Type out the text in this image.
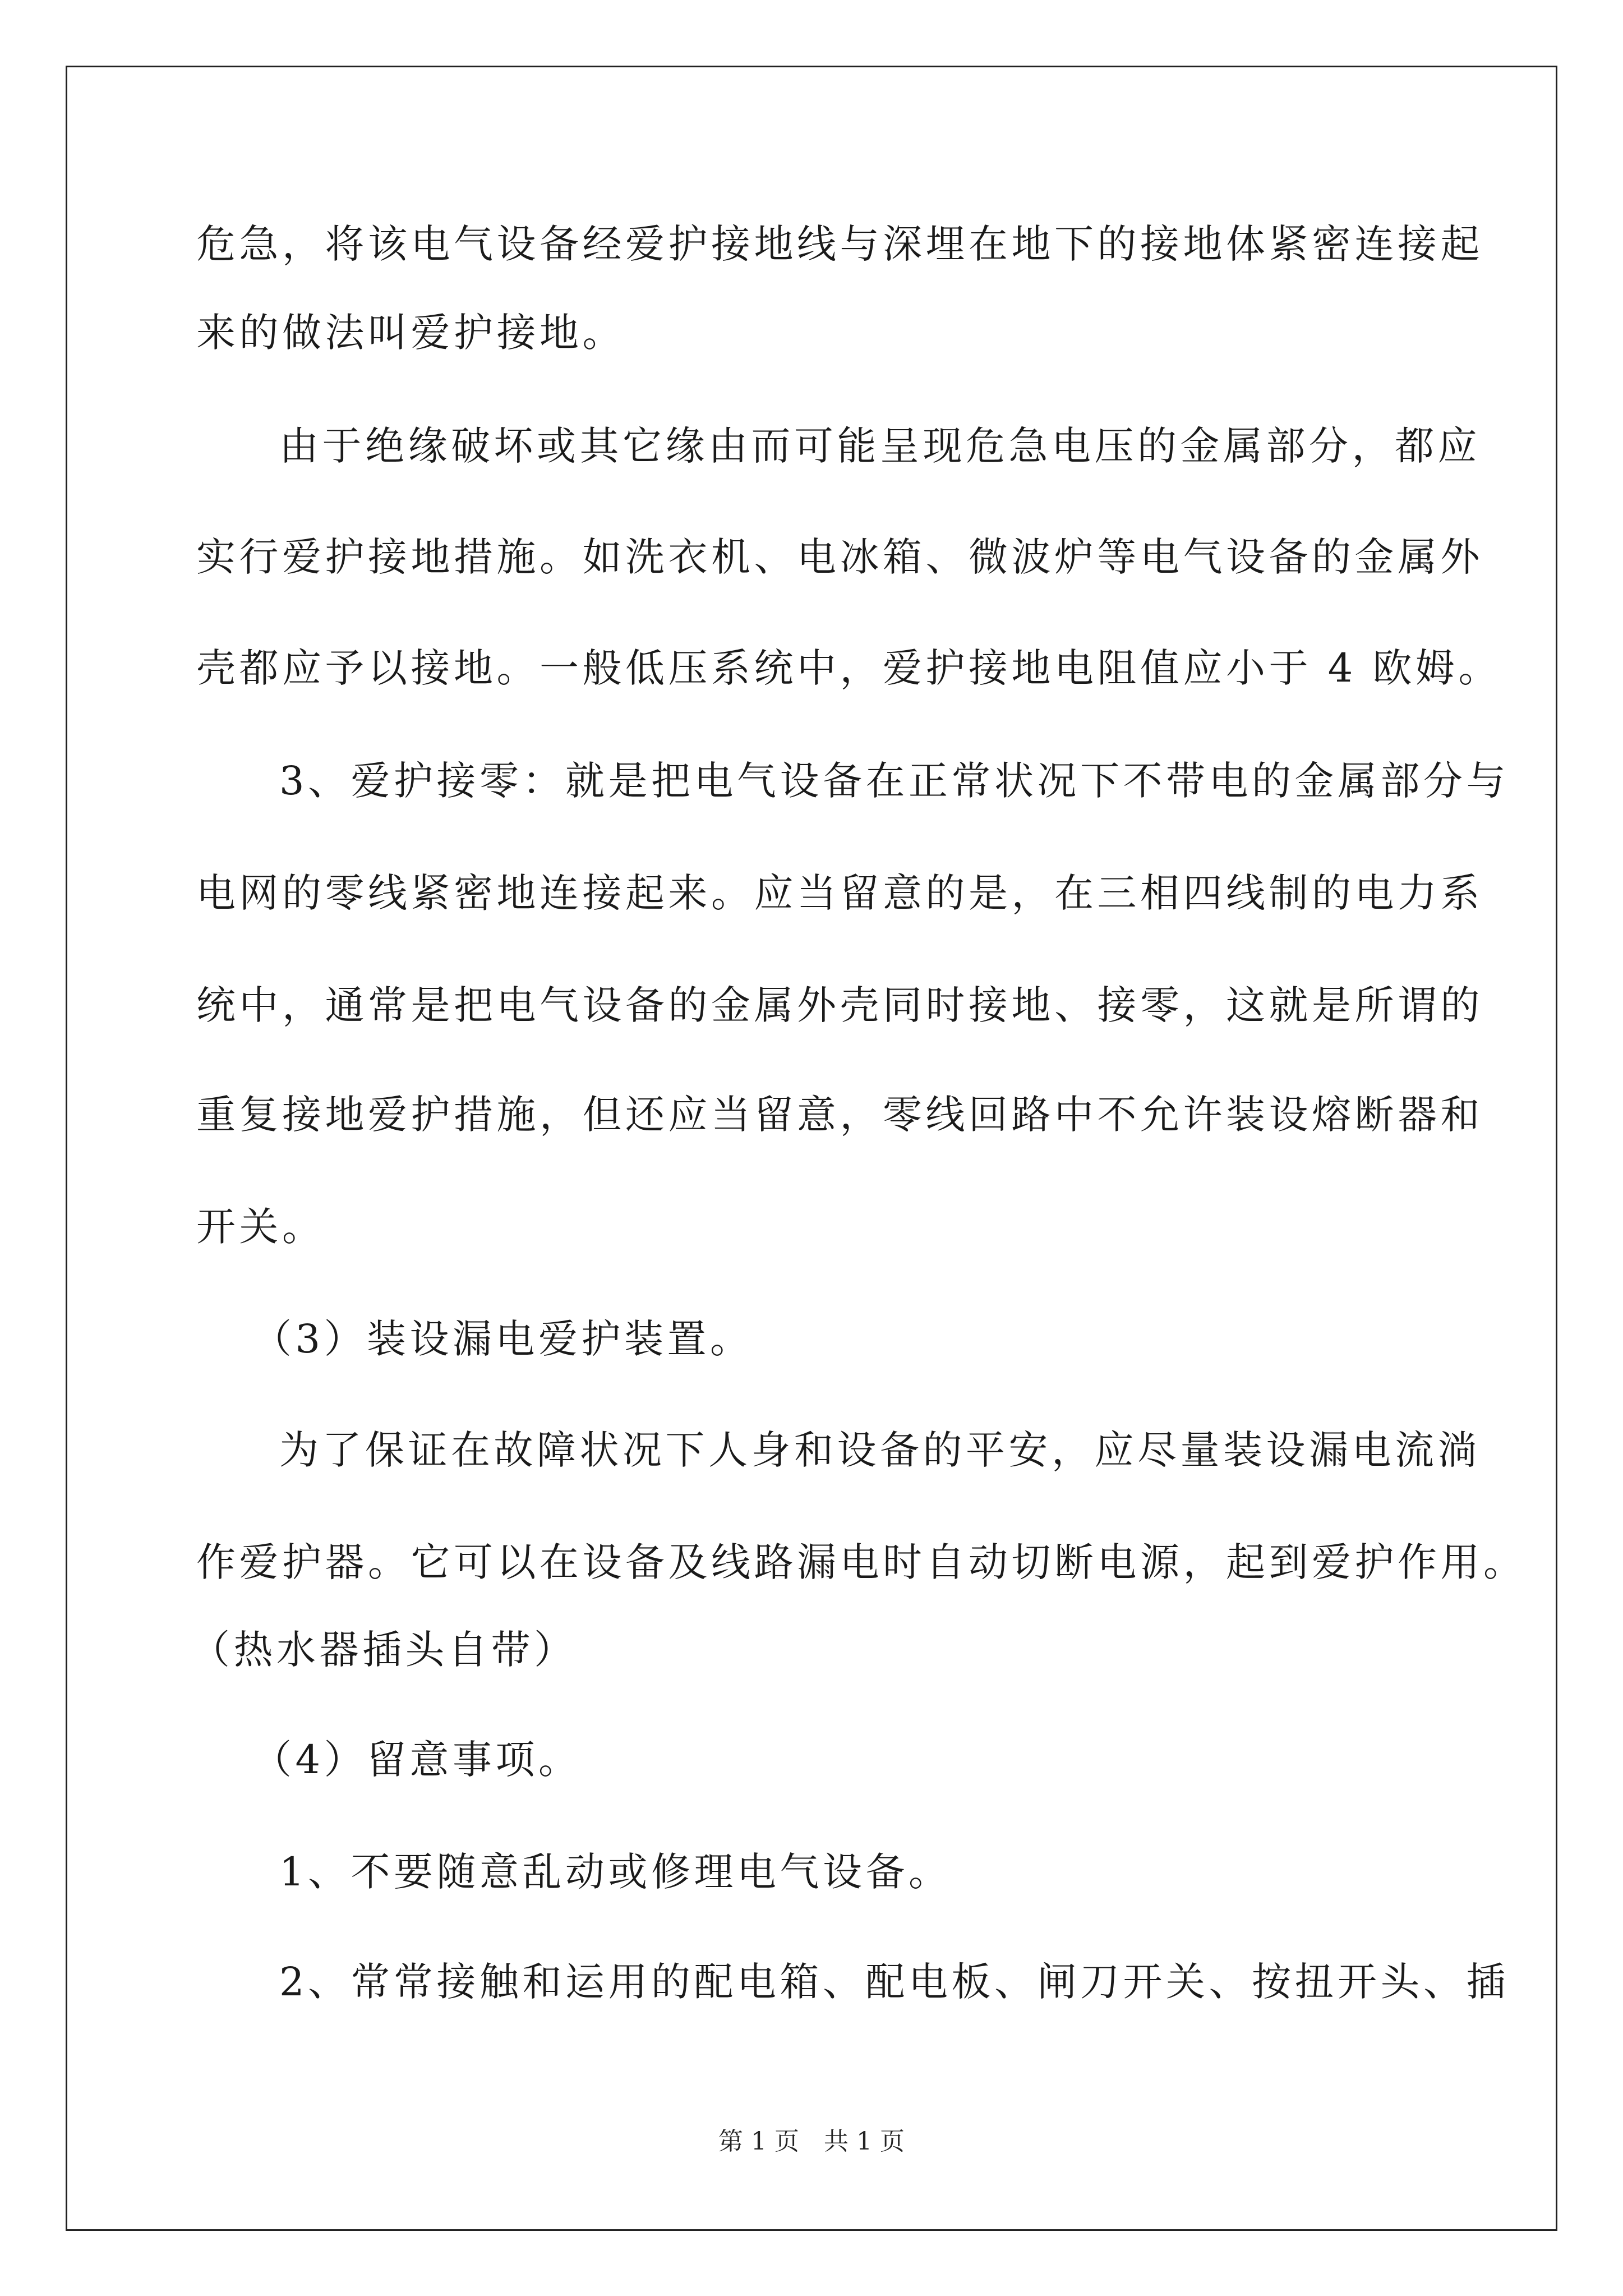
危急，将该电气设备经爱护接地线与深埋在地下的接地体紧密连接起
来的做法叫爱护接地。
由于绝缘破坏或其它缘由而可能呈现危急电压的金属部分，都应
实行爱护接地措施。如洗衣机、电冰箱、微波炉等电气设备的金属外
壳都应予以接地。一般低压系统中，爱护接地电阻值应小于 4 欧姆。
3、爱护接零：就是把电气设备在正常状况下不带电的金属部分与
电网的零线紧密地连接起来。应当留意的是，在三相四线制的电力系
统中，通常是把电气设备的金属外壳同时接地、接零，这就是所谓的
重复接地爱护措施，但还应当留意，零线回路中不允许装设熔断器和
开关。
（3）装设漏电爱护装置。
为了保证在故障状况下人身和设备的平安，应尽量装设漏电流淌
作爱护器。它可以在设备及线路漏电时自动切断电源，起到爱护作用。
（热水器插头自带）
（4）留意事项。
1、不要随意乱动或修理电气设备。
2、常常接触和运用的配电箱、配电板、闸刀开关、按扭开头、插
第 1 页　共 1 页
